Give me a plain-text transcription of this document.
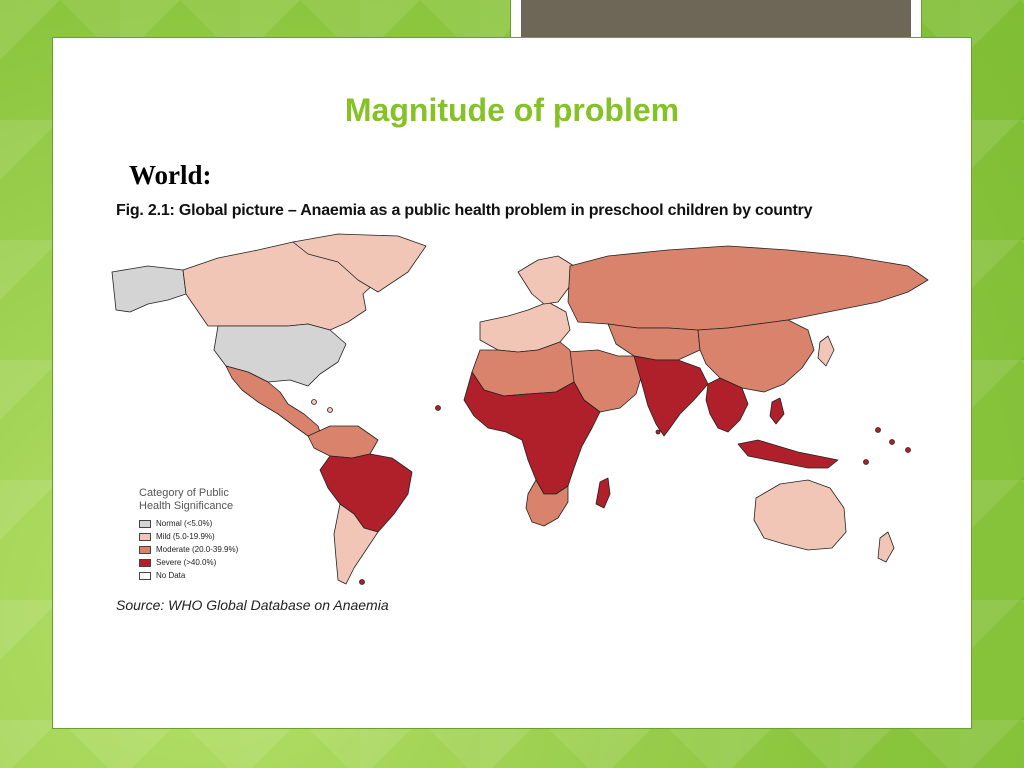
Magnitude of problem
World:
Fig. 2.1: Global picture – Anaemia as a public health problem in preschool children by country
Category of Public Health Significance
Normal (<5.0%)
Mild (5.0-19.9%)
Moderate (20.0-39.9%)
Severe (>40.0%)
No Data
Source: WHO Global Database on Anaemia
